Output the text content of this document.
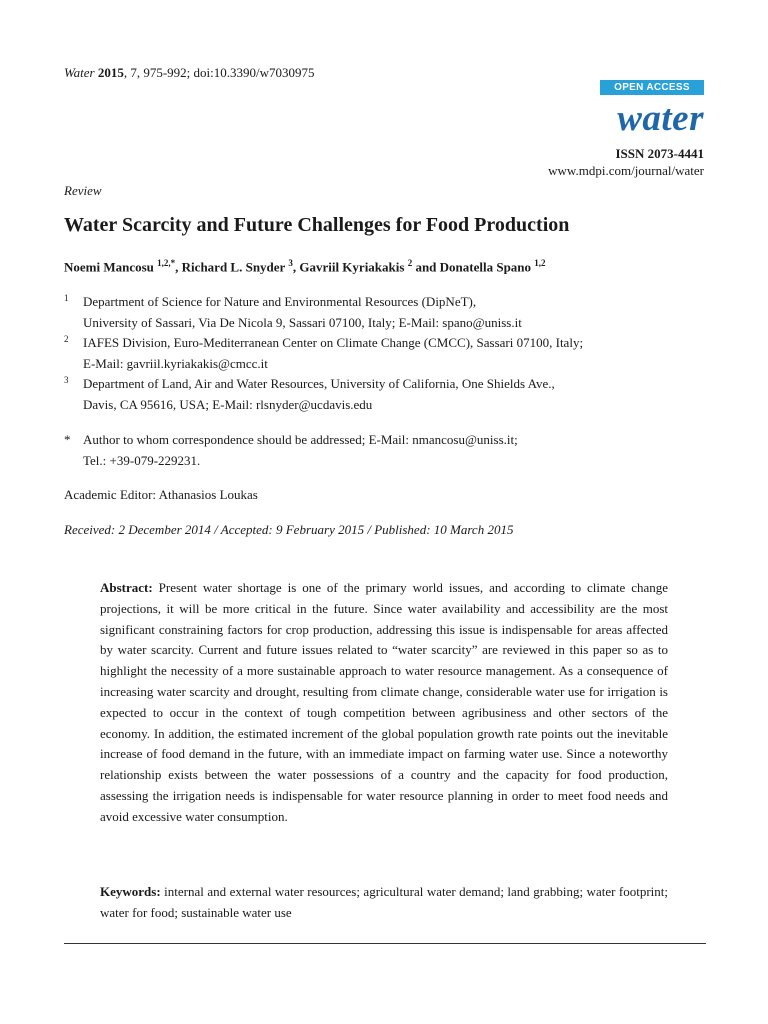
Water 2015, 7, 975-992; doi:10.3390/w7030975
OPEN ACCESS
water
ISSN 2073-4441
www.mdpi.com/journal/water
Review
Water Scarcity and Future Challenges for Food Production
Noemi Mancosu $^{1,2,*}$, Richard L. Snyder $^3$, Gavriil Kyriakakis $^2$ and Donatella Spano $^{1,2}$
1 Department of Science for Nature and Environmental Resources (DipNeT),
University of Sassari, Via De Nicola 9, Sassari 07100, Italy; E-Mail: spano@uniss.it
2 IAFES Division, Euro-Mediterranean Center on Climate Change (CMCC), Sassari 07100, Italy;
E-Mail: gavriil.kyriakakis@cmcc.it
3 Department of Land, Air and Water Resources, University of California, One Shields Ave.,
Davis, CA 95616, USA; E-Mail: rlsnyder@ucdavis.edu
* Author to whom correspondence should be addressed; E-Mail: nmancosu@uniss.it;
Tel.: +39-079-229231.
Academic Editor: Athanasios Loukas
Received: 2 December 2014 / Accepted: 9 February 2015 / Published: 10 March 2015
Abstract: Present water shortage is one of the primary world issues, and according to climate change projections, it will be more critical in the future. Since water availability and accessibility are the most significant constraining factors for crop production, addressing this issue is indispensable for areas affected by water scarcity. Current and future issues related to “water scarcity” are reviewed in this paper so as to highlight the necessity of a more sustainable approach to water resource management. As a consequence of increasing water scarcity and drought, resulting from climate change, considerable water use for irrigation is expected to occur in the context of tough competition between agribusiness and other sectors of the economy. In addition, the estimated increment of the global population growth rate points out the inevitable increase of food demand in the future, with an immediate impact on farming water use. Since a noteworthy relationship exists between the water possessions of a country and the capacity for food production, assessing the irrigation needs is indispensable for water resource planning in order to meet food needs and avoid excessive water consumption.
Keywords: internal and external water resources; agricultural water demand; land grabbing; water footprint; water for food; sustainable water use
